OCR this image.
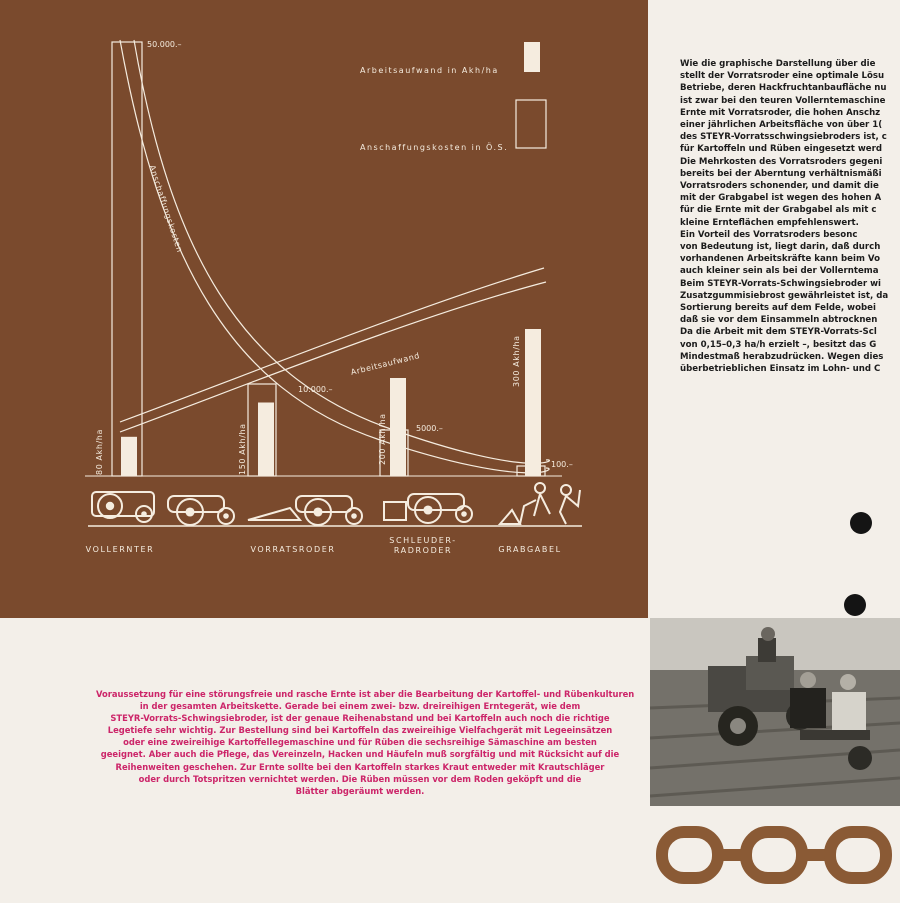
Arbeitsaufwand in Akh/ha
Anschaffungskosten in Ö.S.
80 Akh/ha	150 Akh/ha	200 Akh/ha
300 Akh/ha
Anschaffungskosten
Arbeitsaufwand
50.000.–
10.000.–
5000.–
100.–
VOLLERNTER	VORRATSRODER
SCHLEUDER-
RADRODER	GRABGABEL
Wie die graphische Darstellung über die
stellt der Vorratsroder eine optimale Lösu
Betriebe, deren Hackfruchtanbaufläche nu
ist zwar bei den teuren Vollerntemaschine
Ernte mit Vorratsroder, die hohen Anschz
einer jährlichen Arbeitsfläche von über 1(
des STEYR-Vorratsschwingsiebroders ist, c
für Kartoffeln und Rüben eingesetzt werd
Die Mehrkosten des Vorratsroders gegeni
bereits bei der Aberntung verhältnismäßi
Vorratsroders schonender, und damit die
mit der Grabgabel ist wegen des hohen A
für die Ernte mit der Grabgabel als mit c
kleine Ernteflächen empfehlenswert.
Ein Vorteil des Vorratsroders besonc
von Bedeutung ist, liegt darin, daß durch
vorhandenen Arbeitskräfte kann beim Vo
auch kleiner sein als bei der Vollerntema
Beim STEYR-Vorrats-Schwingsiebroder wi
Zusatzgummisiebrost gewährleistet ist, da
Sortierung bereits auf dem Felde, wobei
daß sie vor dem Einsammeln abtrocknen
Da die Arbeit mit dem STEYR-Vorrats-Scl
von 0,15–0,3 ha/h erzielt –, besitzt das G
Mindestmaß herabzudrücken. Wegen dies
überbetrieblichen Einsatz im Lohn- und C
Voraussetzung für eine störungsfreie und rasche Ernte ist aber die Bearbeitung der Kartoffel- und Rübenkulturen
in der gesamten Arbeitskette. Gerade bei einem zwei- bzw. dreireihigen Erntegerät, wie dem
STEYR-Vorrats-Schwingsiebroder, ist der genaue Reihenabstand und bei Kartoffeln auch noch die richtige
Legetiefe sehr wichtig. Zur Bestellung sind bei Kartoffeln das zweireihige Vielfachgerät mit Legeeinsätzen
oder eine zweireihige Kartoffellegemaschine und für Rüben die sechsreihige Sämaschine am besten
geeignet. Aber auch die Pflege, das Vereinzeln, Hacken und Häufeln muß sorgfältig und mit Rücksicht auf die
Reihenweiten geschehen. Zur Ernte sollte bei den Kartoffeln starkes Kraut entweder mit Krautschläger
oder durch Totspritzen vernichtet werden. Die Rüben müssen vor dem Roden geköpft und die
Blätter abgeräumt werden.
